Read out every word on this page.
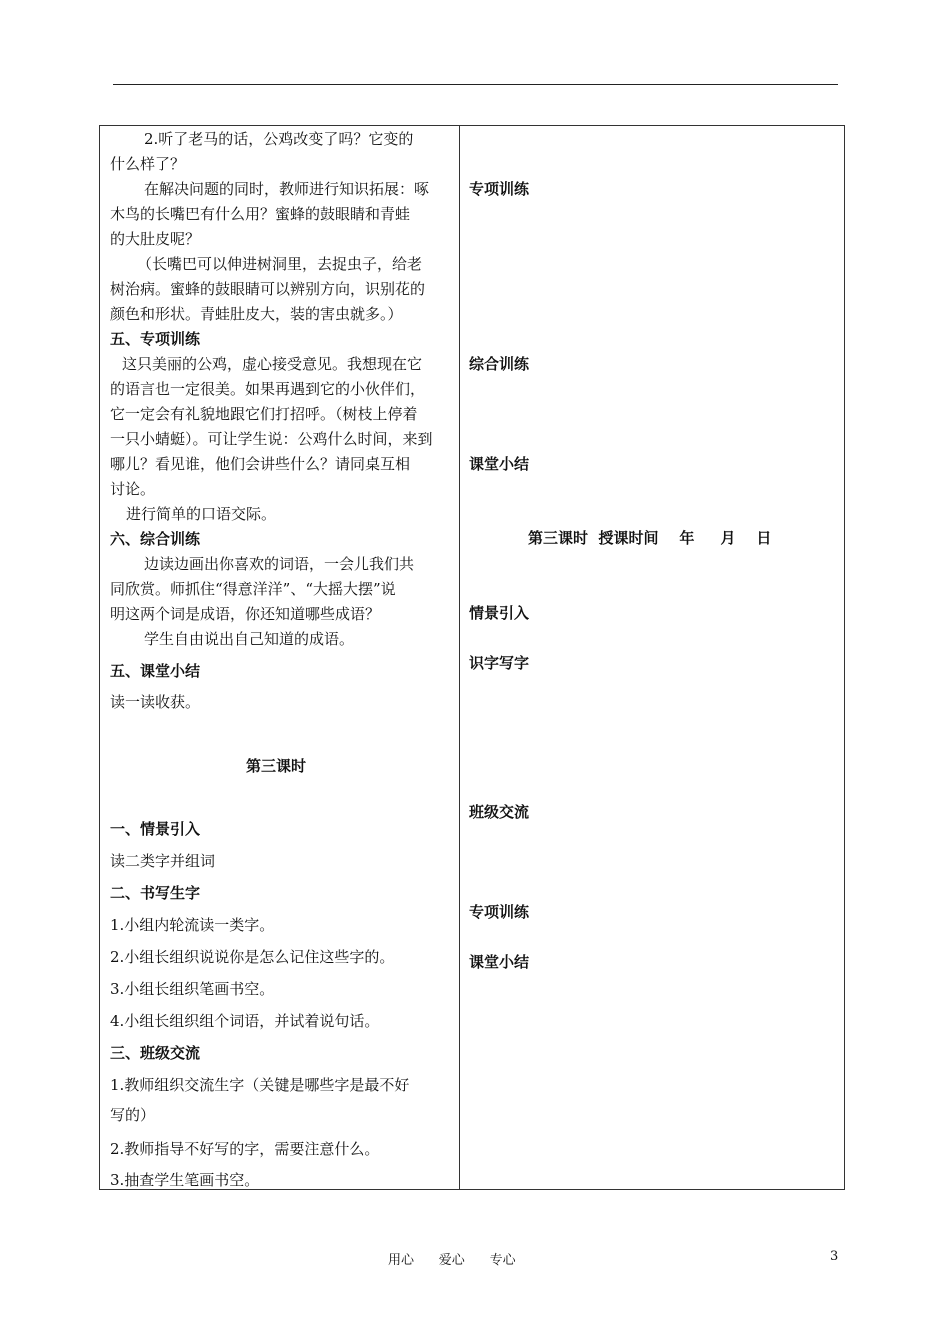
2.听了老马的话，公鸡改变了吗？它变的
什么样了？
在解决问题的同时，教师进行知识拓展：啄
木鸟的长嘴巴有什么用？蜜蜂的鼓眼睛和青蛙
的大肚皮呢？
（长嘴巴可以伸进树洞里，去捉虫子，给老
树治病。蜜蜂的鼓眼睛可以辨别方向，识别花的
颜色和形状。青蛙肚皮大，装的害虫就多。）
五、专项训练
这只美丽的公鸡，虚心接受意见。我想现在它
的语言也一定很美。如果再遇到它的小伙伴们，
它一定会有礼貌地跟它们打招呼。（树枝上停着
一只小蜻蜓）。可让学生说：公鸡什么时间，来到
哪儿？看见谁，他们会讲些什么？请同桌互相
讨论。
进行简单的口语交际。
六、综合训练
边读边画出你喜欢的词语，一会儿我们共
同欣赏。师抓住“得意洋洋”、“大摇大摆”说
明这两个词是成语，你还知道哪些成语？
学生自由说出自己知道的成语。
五、课堂小结
读一读收获。
第三课时
一、情景引入
读二类字并组词
二、书写生字
1.小组内轮流读一类字。
2.小组长组织说说你是怎么记住这些字的。
3.小组长组织笔画书空。
4.小组长组织组个词语，并试着说句话。
三、班级交流
1.教师组织交流生字（关键是哪些字是最不好
写的）
2.教师指导不好写的字，需要注意什么。
3.抽查学生笔画书空。
专项训练
综合训练
课堂小结
第三课时  授课时间    年     月    日
情景引入
识字写字
班级交流
专项训练
课堂小结
用心      爱心      专心	3
